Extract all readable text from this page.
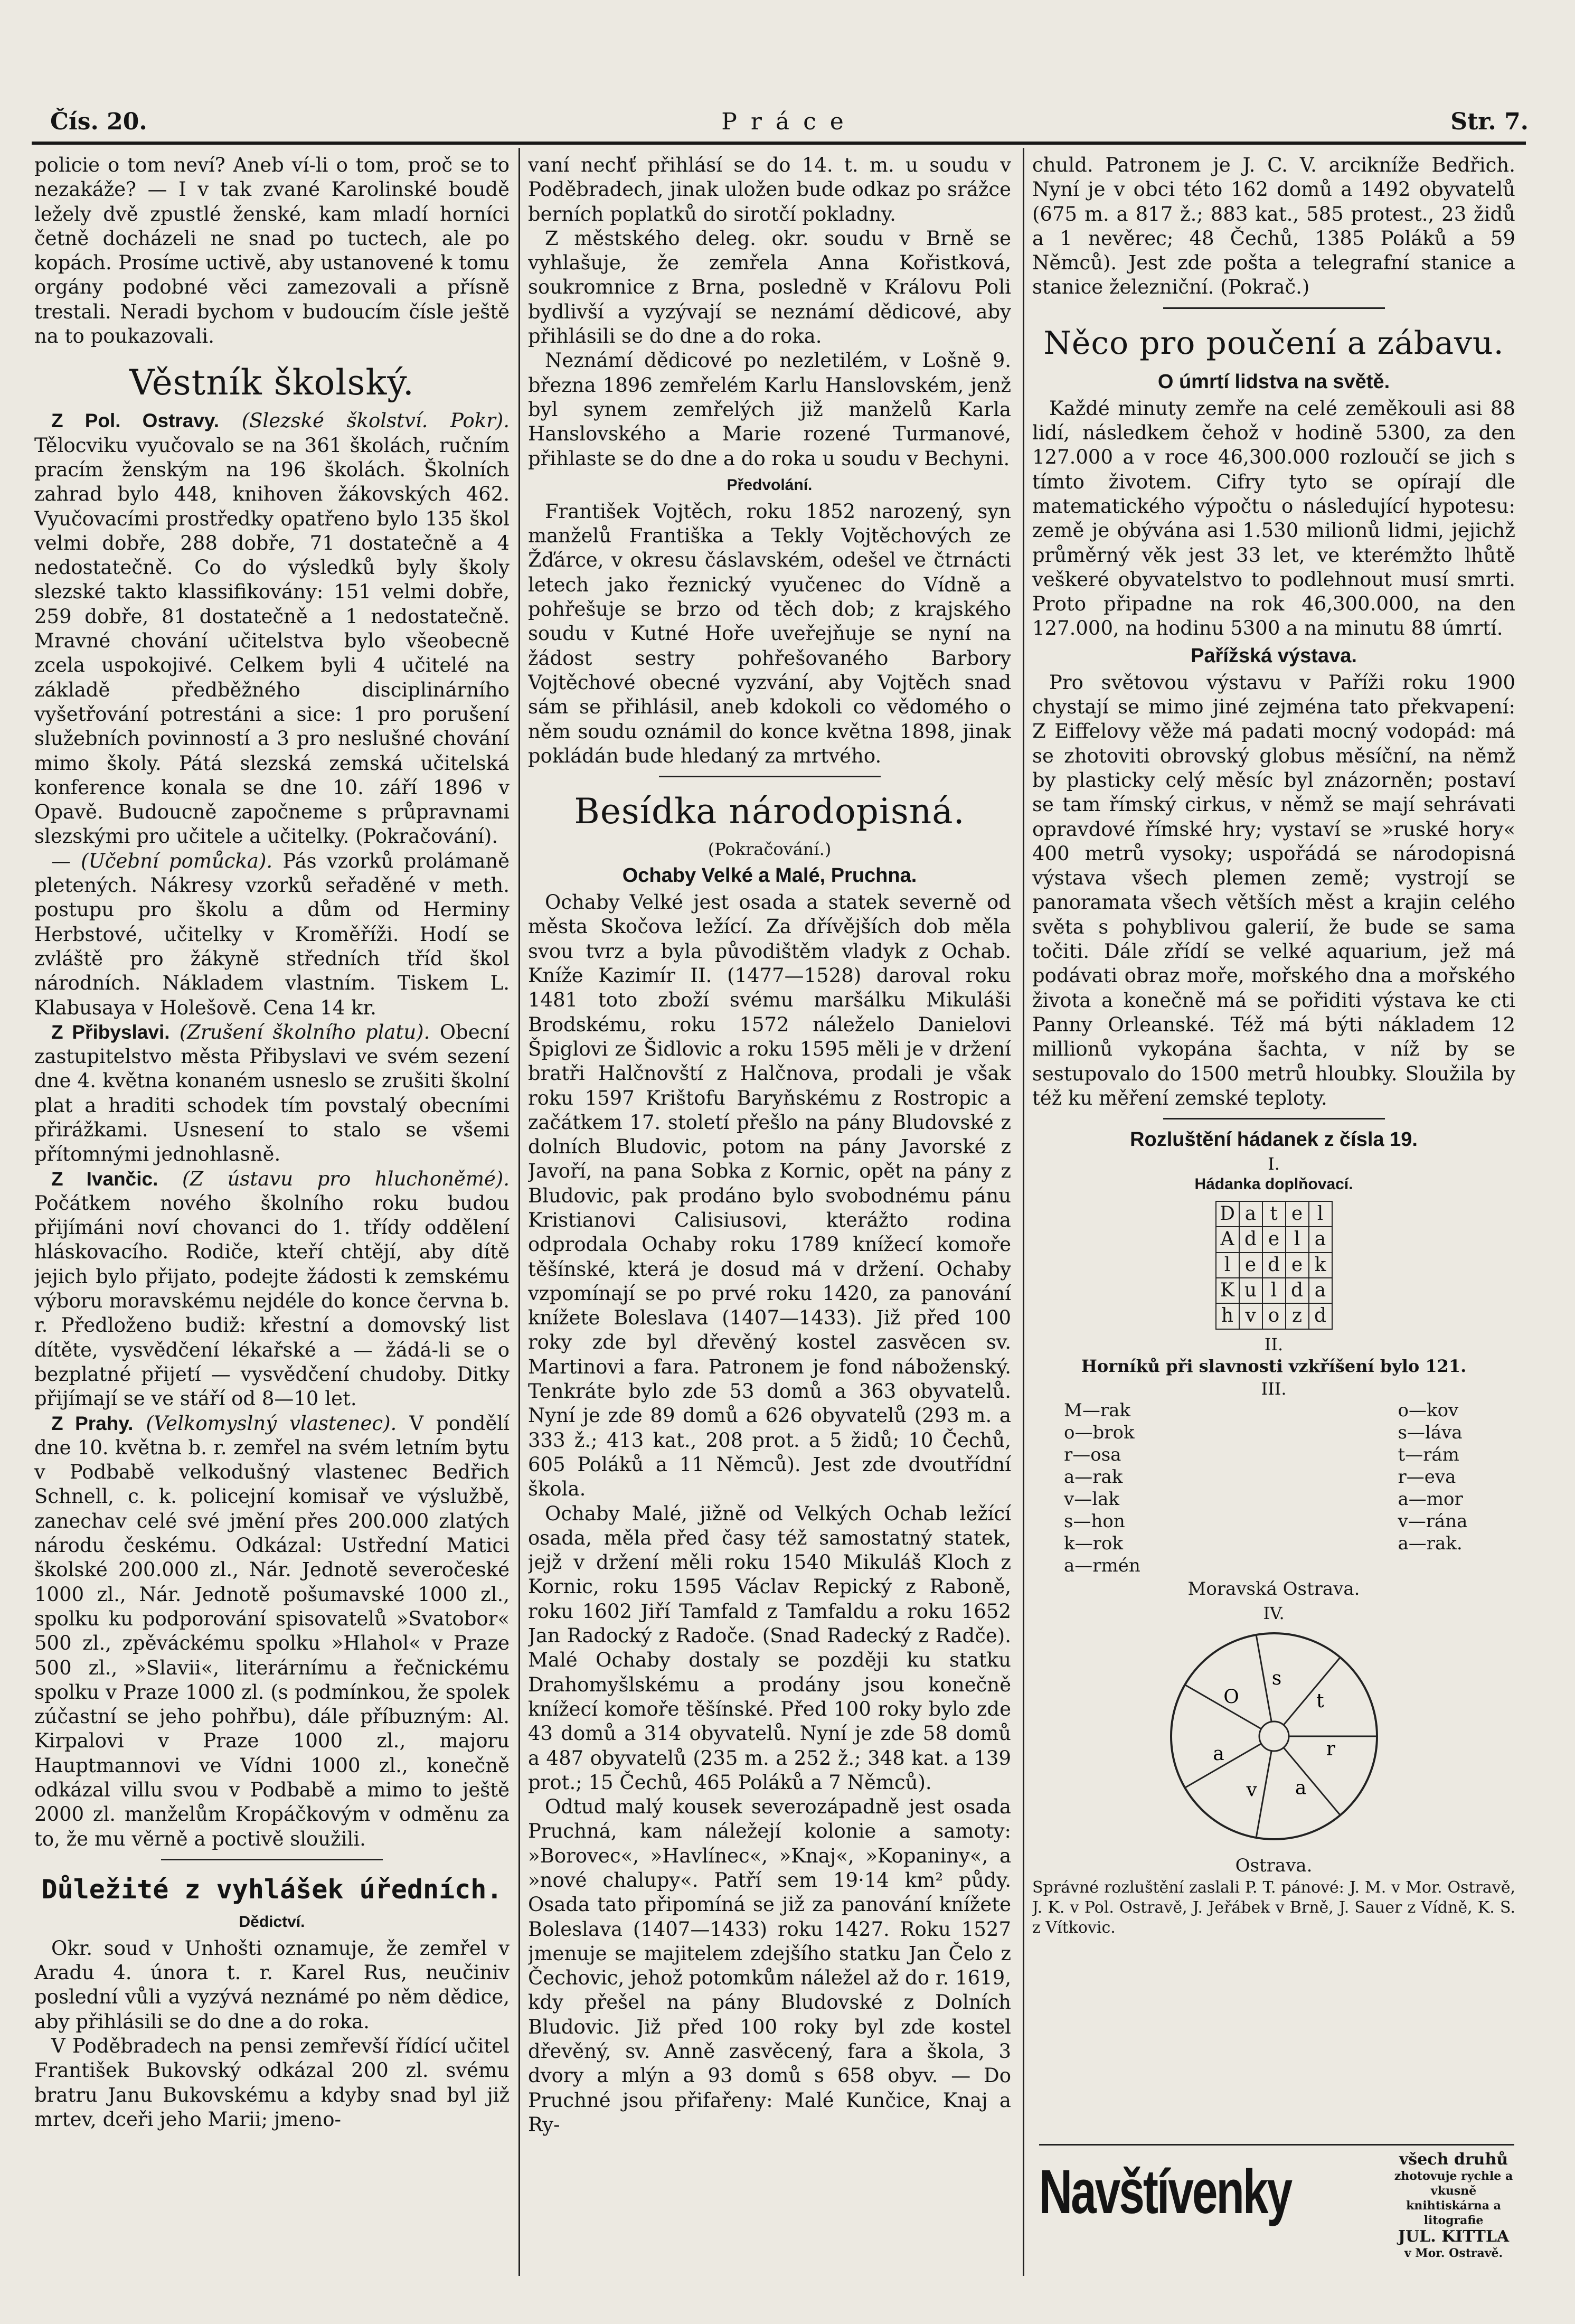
Čís. 20.	Práce	Str. 7.

policie o tom neví? Aneb ví-li o tom, proč se to nezakáže? — I v tak zvané Karolinské boudě ležely dvě zpustlé ženské, kam mladí horníci četně docházeli ne snad po tuctech, ale po kopách. Prosíme uctivě, aby ustanovené k tomu orgány podobné věci zamezovali a přísně trestali. Neradi bychom v budoucím čísle ještě na to poukazovali.

Věstník školský.

Z Pol. Ostravy. (Slezské školství. Pokr). Tělocviku vyučovalo se na 361 školách, ručním pracím ženským na 196 školách. Školních zahrad bylo 448, knihoven žákovských 462. Vyučovacími prostředky opatřeno bylo 135 škol velmi dobře, 288 dobře, 71 dostatečně a 4 nedostatečně. Co do výsledků byly školy slezské takto klassifikovány: 151 velmi dobře, 259 dobře, 81 dostatečně a 1 nedostatečně. Mravné chování učitelstva bylo všeobecně zcela uspokojivé. Celkem byli 4 učitelé na základě předběžného disciplinárního vyšetřování potrestáni a sice: 1 pro porušení služebních povinností a 3 pro neslušné chování mimo školy. Pátá slezská zemská učitelská konference konala se dne 10. září 1896 v Opavě. Budoucně započneme s průpravnami slezskými pro učitele a učitelky. (Pokračování).

— (Učební pomůcka). Pás vzorků prolámaně pletených. Nákresy vzorků seřaděné v meth. postupu pro školu a dům od Herminy Herbstové, učitelky v Kroměříži. Hodí se zvláště pro žákyně středních tříd škol národních. Nákladem vlastním. Tiskem L. Klabusaya v Holešově. Cena 14 kr.

Z Přibyslavi. (Zrušení školního platu). Obecní zastupitelstvo města Přibyslavi ve svém sezení dne 4. května konaném usneslo se zrušiti školní plat a hraditi schodek tím povstalý obecními přirážkami. Usnesení to stalo se všemi přítomnými jednohlasně.

Z Ivančic. (Z ústavu pro hluchoněmé). Počátkem nového školního roku budou přijímáni noví chovanci do 1. třídy oddělení hláskovacího. Rodiče, kteří chtějí, aby dítě jejich bylo přijato, podejte žádosti k zemskému výboru moravskému nejdéle do konce června b. r. Předloženo budiž: křestní a domovský list dítěte, vysvědčení lékařské a — žádá-li se o bezplatné přijetí — vysvědčení chudoby. Ditky přijímají se ve stáří od 8—10 let.

Z Prahy. (Velkomyslný vlastenec). V pondělí dne 10. května b. r. zemřel na svém letním bytu v Podbabě velkodušný vlastenec Bedřich Schnell, c. k. policejní komisař ve výslužbě, zanechav celé své jmění přes 200.000 zlatých národu českému. Odkázal: Ustřední Matici školské 200.000 zl., Nár. Jednotě severočeské 1000 zl., Nár. Jednotě pošumavské 1000 zl., spolku ku podporování spisovatelů »Svatobor« 500 zl., zpěváckému spolku »Hlahol« v Praze 500 zl., »Slavii«, literárnímu a řečnickému spolku v Praze 1000 zl. (s podmínkou, že spolek zúčastní se jeho pohřbu), dále příbuzným: Al. Kirpalovi v Praze 1000 zl., majoru Hauptmannovi ve Vídni 1000 zl., konečně odkázal villu svou v Podbabě a mimo to ještě 2000 zl. manželům Kropáčkovým v odměnu za to, že mu věrně a poctivě sloužili.

Důležité z vyhlášek úředních.
Dědictví.

Okr. soud v Unhošti oznamuje, že zemřel v Aradu 4. února t. r. Karel Rus, neučiniv poslední vůli a vyzývá neznámé po něm dědice, aby přihlásili se do dne a do roka.

V Poděbradech na pensi zemřevší řídící učitel František Bukovský odkázal 200 zl. svému bratru Janu Bukovskému a kdyby snad byl již mrtev, dceři jeho Marii; jmeno-

vaní nechť přihlásí se do 14. t. m. u soudu v Poděbradech, jinak uložen bude odkaz po srážce berních poplatků do sirotčí pokladny.

Z městského deleg. okr. soudu v Brně se vyhlašuje, že zemřela Anna Kořistková, soukromnice z Brna, posledně v Královu Poli bydlivší a vyzývají se neznámí dědicové, aby přihlásili se do dne a do roka.

Neznámí dědicové po nezletilém, v Lošně 9. března 1896 zemřelém Karlu Hanslovském, jenž byl synem zemřelých již manželů Karla Hanslovského a Marie rozené Turmanové, přihlaste se do dne a do roka u soudu v Bechyni.

Předvolání.

František Vojtěch, roku 1852 narozený, syn manželů Františka a Tekly Vojtěchových ze Žďárce, v okresu čáslavském, odešel ve čtrnácti letech jako řeznický vyučenec do Vídně a pohřešuje se brzo od těch dob; z krajského soudu v Kutné Hoře uveřejňuje se nyní na žádost sestry pohřešovaného Barbory Vojtěchové obecné vyzvání, aby Vojtěch snad sám se přihlásil, aneb kdokoli co vědomého o něm soudu oznámil do konce května 1898, jinak pokládán bude hledaný za mrtvého.

Besídka národopisná.
(Pokračování.)
Ochaby Velké a Malé, Pruchna.

Ochaby Velké jest osada a statek severně od města Skočova ležící. Za dřívějších dob měla svou tvrz a byla původištěm vladyk z Ochab. Kníže Kazimír II. (1477—1528) daroval roku 1481 toto zboží svému maršálku Mikuláši Brodskému, roku 1572 náleželo Danielovi Špiglovi ze Šidlovic a roku 1595 měli je v držení bratři Halčnovští z Halčnova, prodali je však roku 1597 Krištofu Baryňskému z Rostropic a začátkem 17. století přešlo na pány Bludovské z dolních Bludovic, potom na pány Javorské z Javoří, na pana Sobka z Kornic, opět na pány z Bludovic, pak prodáno bylo svobodnému pánu Kristianovi Calisiusovi, kterážto rodina odprodala Ochaby roku 1789 knížecí komoře těšínské, která je dosud má v držení. Ochaby vzpomínají se po prvé roku 1420, za panování knížete Boleslava (1407—1433). Již před 100 roky zde byl dřevěný kostel zasvěcen sv. Martinovi a fara. Patronem je fond náboženský. Tenkráte bylo zde 53 domů a 363 obyvatelů. Nyní je zde 89 domů a 626 obyvatelů (293 m. a 333 ž.; 413 kat., 208 prot. a 5 židů; 10 Čechů, 605 Poláků a 11 Němců). Jest zde dvoutřídní škola.

Ochaby Malé, jižně od Velkých Ochab ležící osada, měla před časy též samostatný statek, jejž v držení měli roku 1540 Mikuláš Kloch z Kornic, roku 1595 Václav Repický z Raboně, roku 1602 Jiří Tamfald z Tamfaldu a roku 1652 Jan Radocký z Radoče. (Snad Radecký z Radče). Malé Ochaby dostaly se později ku statku Drahomyšlskému a prodány jsou konečně knížecí komoře těšínské. Před 100 roky bylo zde 43 domů a 314 obyvatelů. Nyní je zde 58 domů a 487 obyvatelů (235 m. a 252 ž.; 348 kat. a 139 prot.; 15 Čechů, 465 Poláků a 7 Němců).

Odtud malý kousek severozápadně jest osada Pruchná, kam náležejí kolonie a samoty: »Borovec«, »Havlínec«, »Knaj«, »Kopaniny«, a »nové chalupy«. Patří sem 19·14 km² půdy. Osada tato připomíná se již za panování knížete Boleslava (1407—1433) roku 1427. Roku 1527 jmenuje se majitelem zdejšího statku Jan Čelo z Čechovic, jehož potomkům náležel až do r. 1619, kdy přešel na pány Bludovské z Dolních Bludovic. Již před 100 roky byl zde kostel dřevěný, sv. Anně zasvěcený, fara a škola, 3 dvory a mlýn a 93 domů s 658 obyv. — Do Pruchné jsou přifařeny: Malé Kunčice, Knaj a Ry-

chuld. Patronem je J. C. V. arcikníže Bedřich. Nyní je v obci této 162 domů a 1492 obyvatelů (675 m. a 817 ž.; 883 kat., 585 protest., 23 židů a 1 nevěrec; 48 Čechů, 1385 Poláků a 59 Němců). Jest zde pošta a telegrafní stanice a stanice železniční. (Pokrač.)

Něco pro poučení a zábavu.
O úmrtí lidstva na světě.

Každé minuty zemře na celé zeměkouli asi 88 lidí, následkem čehož v hodině 5300, za den 127.000 a v roce 46,300.000 rozloučí se jich s tímto životem. Cifry tyto se opírají dle matematického výpočtu o následující hypotesu: země je obývána asi 1.530 milionů lidmi, jejichž průměrný věk jest 33 let, ve kterémžto lhůtě veškeré obyvatelstvo to podlehnout musí smrti. Proto připadne na rok 46,300.000, na den 127.000, na hodinu 5300 a na minutu 88 úmrtí.

Pařížská výstava.

Pro světovou výstavu v Paříži roku 1900 chystají se mimo jiné zejména tato překvapení: Z Eiffelovy věže má padati mocný vodopád: má se zhotoviti obrovský globus měsíční, na němž by plasticky celý měsíc byl znázorněn; postaví se tam římský cirkus, v němž se mají sehrávati opravdové římské hry; vystaví se »ruské hory« 400 metrů vysoky; uspořádá se národopisná výstava všech plemen země; vystrojí se panoramata všech větších měst a krajin celého světa s pohyblivou galerií, že bude se sama točiti. Dále zřídí se velké aquarium, jež má podávati obraz moře, mořského dna a mořského života a konečně má se pořiditi výstava ke cti Panny Orleanské. Též má býti nákladem 12 millionů vykopána šachta, v níž by se sestupovalo do 1500 metrů hloubky. Sloužila by též ku měření zemské teploty.

Rozluštění hádanek z čísla 19.
I.
Hádanka doplňovací.
D	a	t	e	l
A	d	e	l	a
l	e	d	e	k
K	u	l	d	a
h	v	o	z	d
II.
Horníků při slavnosti vzkříšení bylo 121.
III.
M—rak	o—kov
o—brok	s—láva
r—osa	t—rám
a—rak	r—eva
v—lak	a—mor
s—hon	v—rána
k—rok	a—rak.
a—rmén
Moravská Ostrava.
IV.
O
s
t
r
a
v
a
Ostrava.

Správné rozluštění zaslali P. T. pánové: J. M. v Mor. Ostravě, J. K. v Pol. Ostravě, J. Jeřábek v Brně, J. Sauer z Vídně, K. S. z Vítkovic.

Navštívenky	všech druhů
zhotovuje rychle a vkusně knihtiskárna a litografie
JUL. KITTLA
v Mor. Ostravě.
